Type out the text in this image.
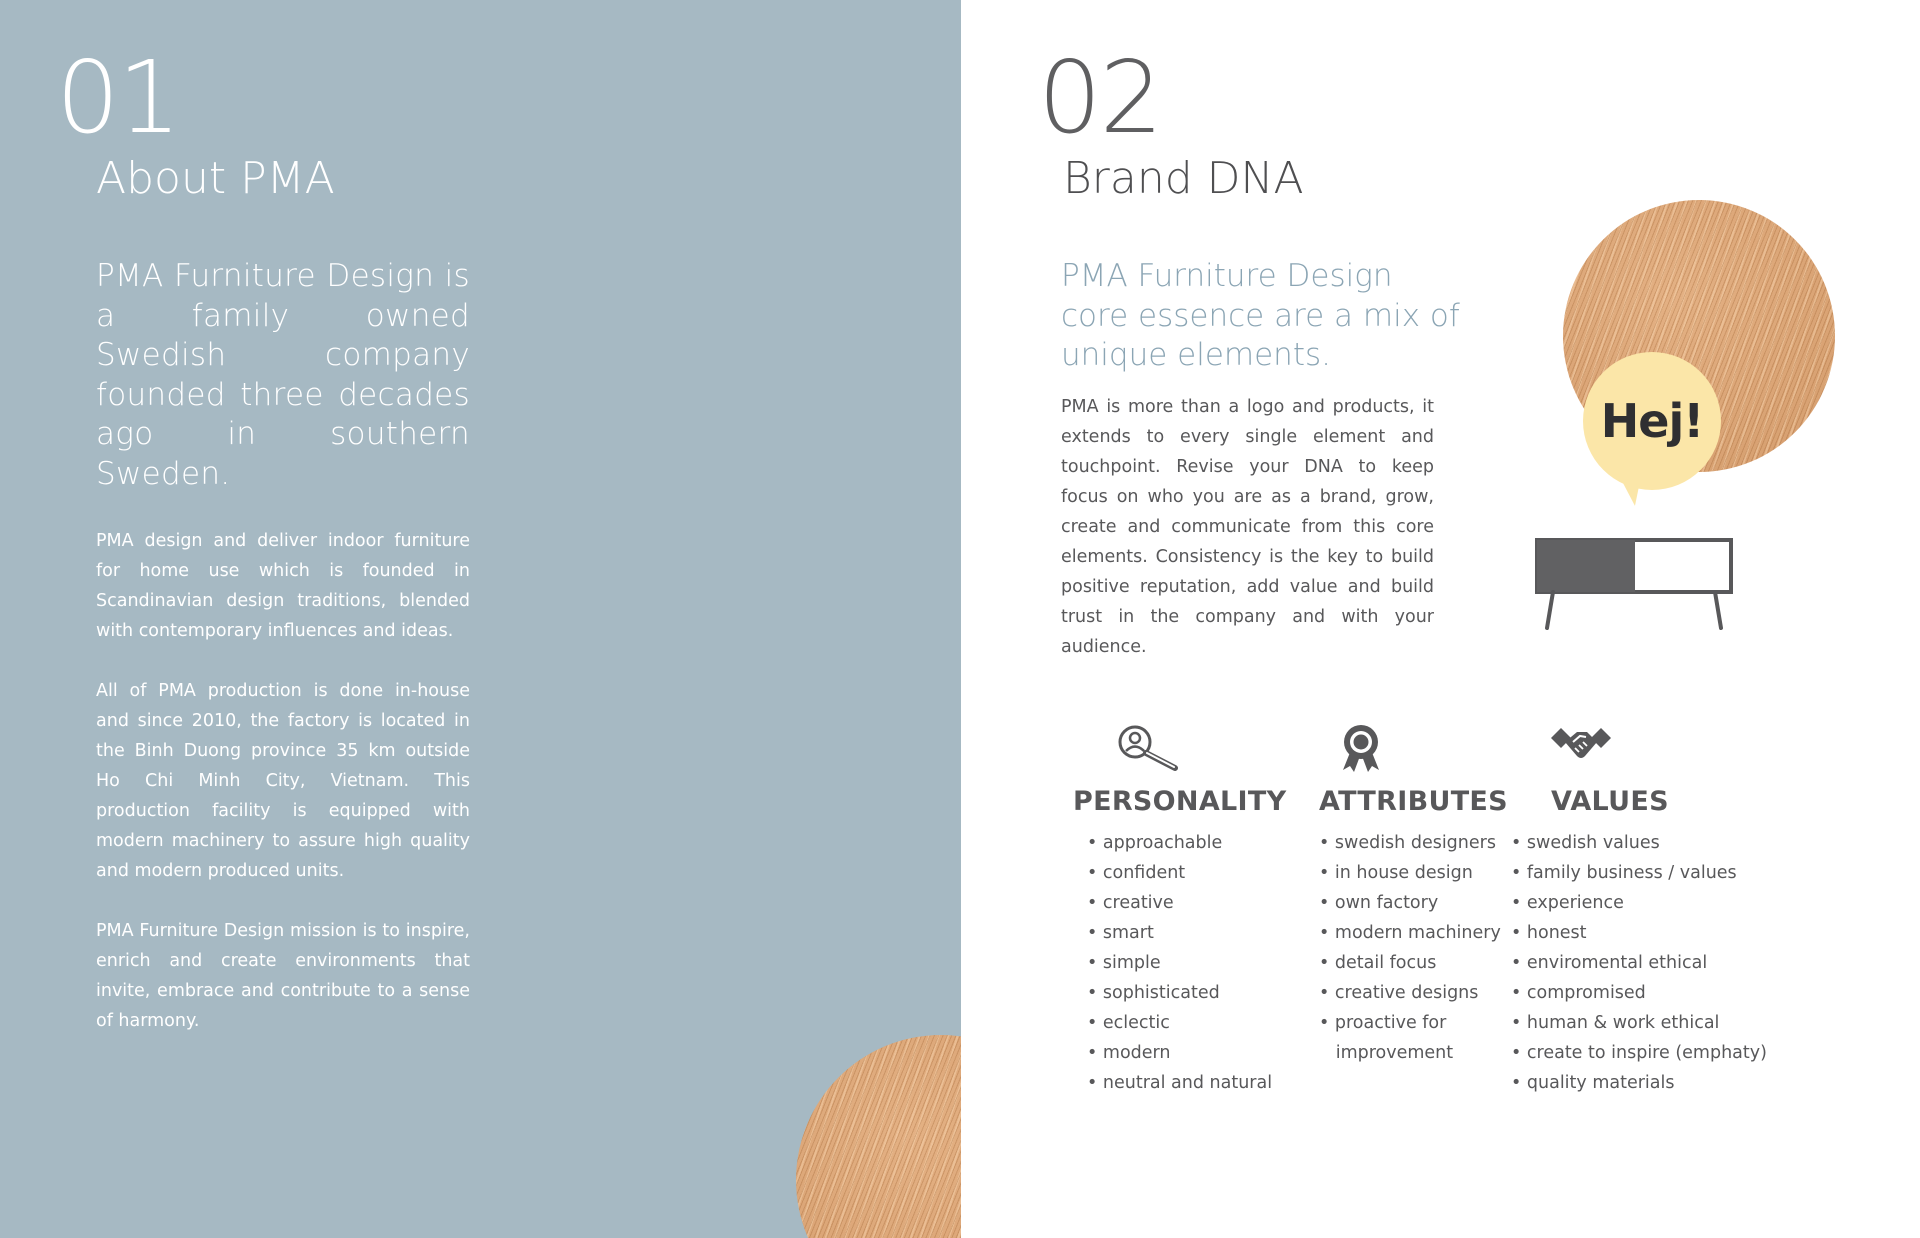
01
About PMA

PMA Furniture Design is a family owned Swedish company founded three decades ago in southern Sweden.

PMA design and deliver indoor furniture for home use which is founded in Scandinavian design traditions, blended with contemporary influences and ideas.

All of PMA production is done in-house and since 2010, the factory is located in the Binh Duong province 35 km outside Ho Chi Minh City, Vietnam. This production facility is equipped with modern machinery to assure high quality and modern produced units.

PMA Furniture Design mission is to inspire, enrich and create environments that invite, embrace and contribute to a sense of harmony.

02
Brand DNA

PMA Furniture Design core essence are a mix of unique elements.

PMA is more than a logo and products, it extends to every single element and touchpoint. Revise your DNA to keep focus on who you are as a brand, grow, create and communicate from this core elements. Consistency is the key to build positive reputation, add value and build trust in the company and with your audience.

Hej!
PERSONALITY
• approachable
• confident
• creative
• smart
• simple
• sophisticated
• eclectic
• modern
• neutral and natural
ATTRIBUTES
• swedish designers
• in house design
• own factory
• modern machinery
• detail focus
• creative designs
• proactive for
improvement
VALUES
• swedish values
• family business / values
• experience
• honest
• enviromental ethical
• compromised
• human & work ethical
• create to inspire (emphaty)
• quality materials
